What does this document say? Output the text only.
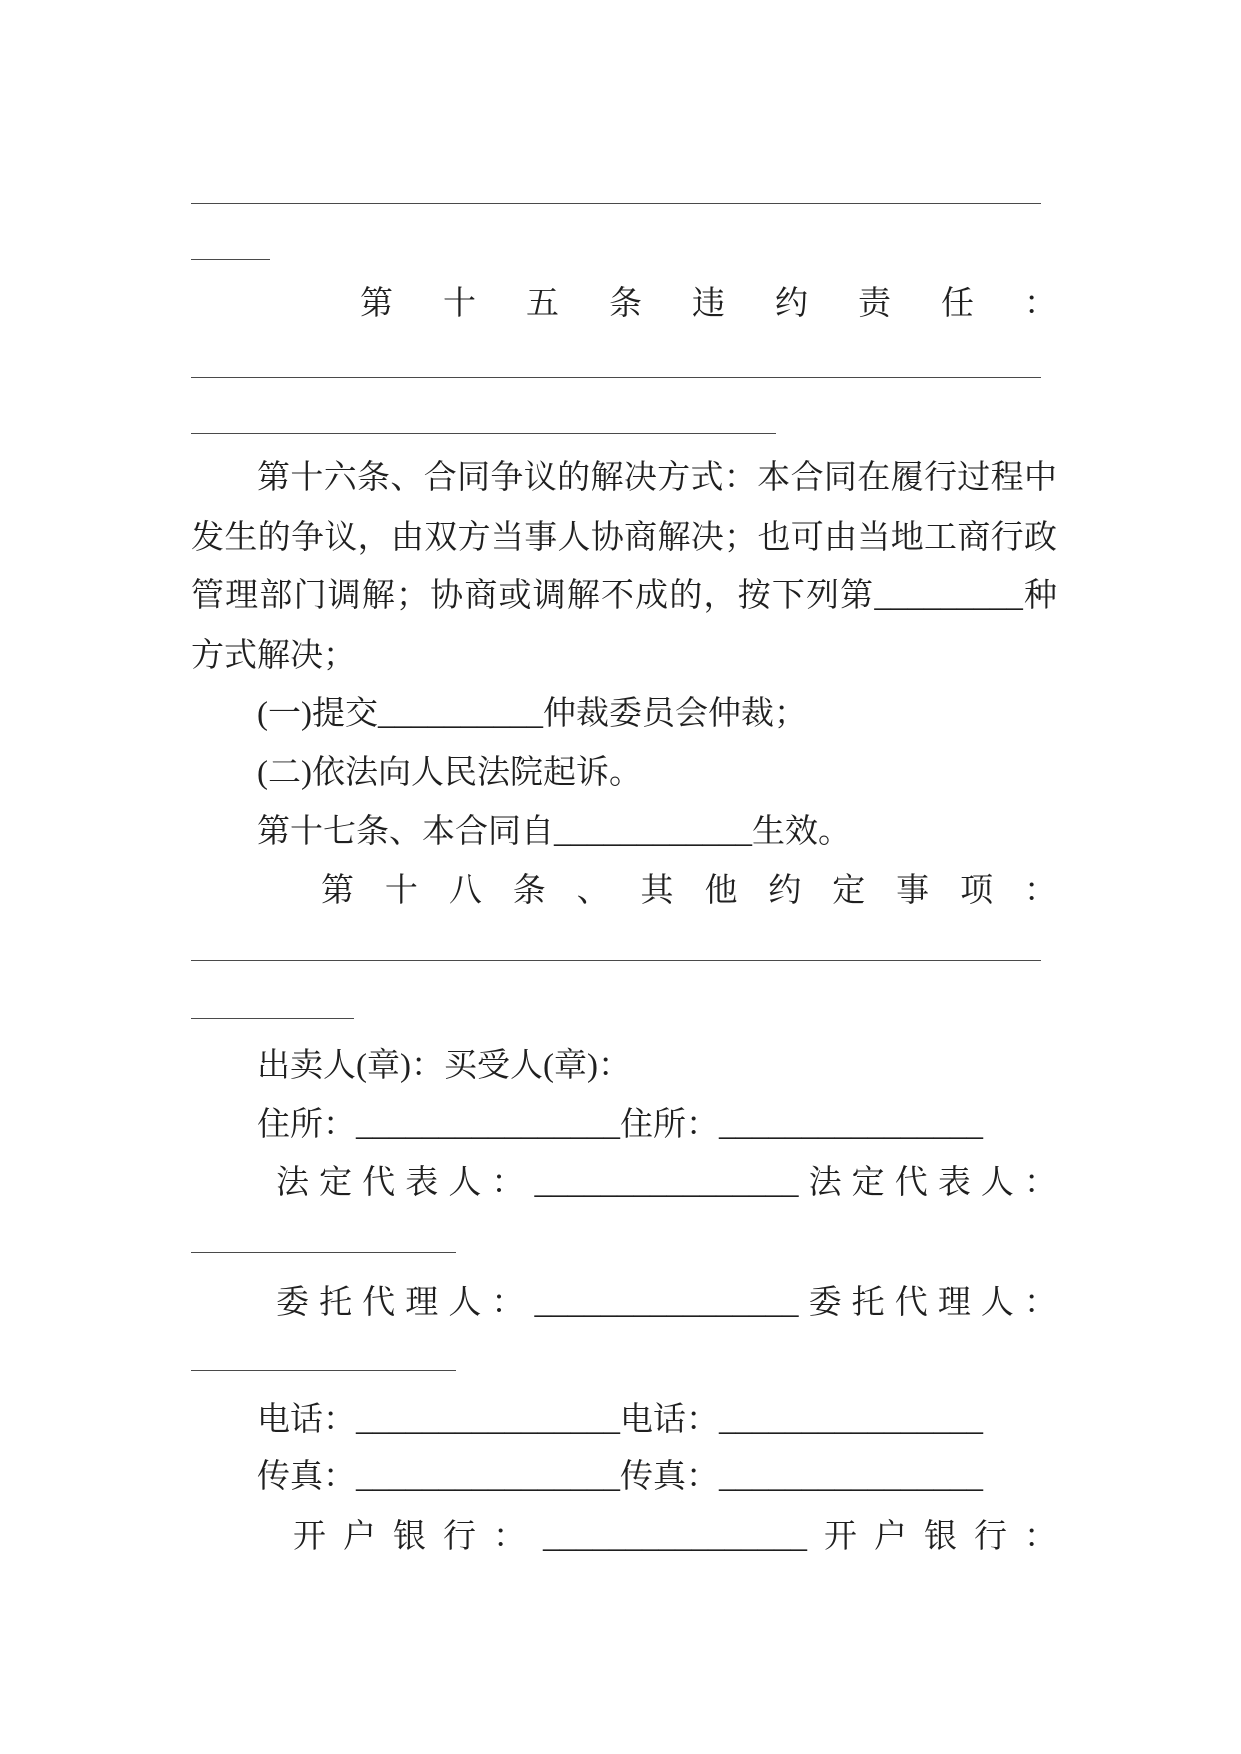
第十五条违约责任：
第十六条、合同争议的解决方式：本合同在履行过程中
发生的争议，由双方当事人协商解决；也可由当地工商行政
管理部门调解；协商或调解不成的，按下列第_________种
方式解决；
(一)提交__________仲裁委员会仲裁；
(二)依法向人民法院起诉。
第十七条、本合同自____________生效。
第十八条、其他约定事项：
出卖人(章)：买受人(章)：
住所：________________住所：________________
法定代表人：________________法定代表人：
委托代理人：________________委托代理人：
电话：________________电话：________________
传真：________________传真：________________
开户银行：________________开户银行：
